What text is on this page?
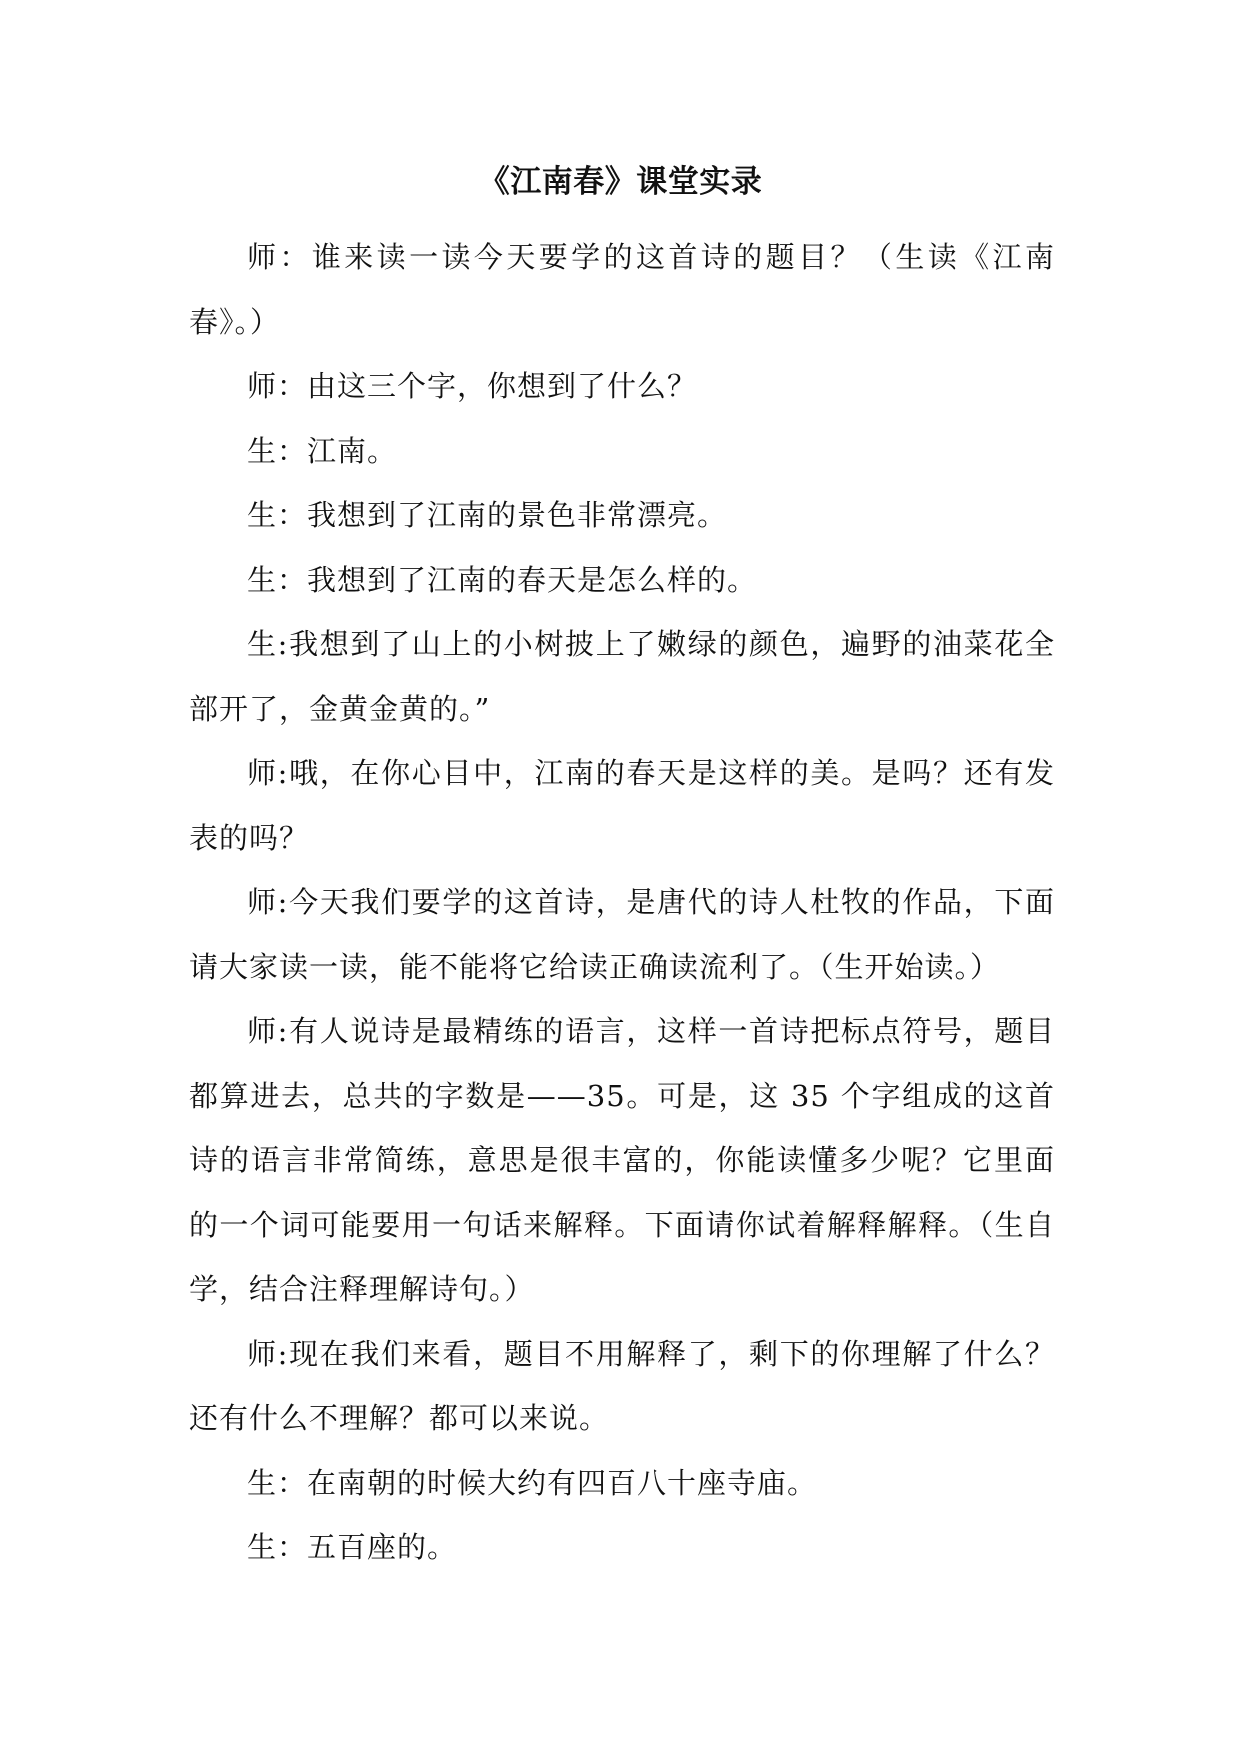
《江南春》课堂实录

师：谁来读一读今天要学的这首诗的题目？（生读《江南春》。）

师：由这三个字，你想到了什么？

生：江南。

生：我想到了江南的景色非常漂亮。

生：我想到了江南的春天是怎么样的。

生:我想到了山上的小树披上了嫩绿的颜色，遍野的油菜花全部开了，金黄金黄的。”

师:哦，在你心目中，江南的春天是这样的美。是吗？还有发表的吗？

师:今天我们要学的这首诗，是唐代的诗人杜牧的作品，下面请大家读一读，能不能将它给读正确读流利了。（生开始读。）

师:有人说诗是最精练的语言，这样一首诗把标点符号，题目都算进去，总共的字数是——35。可是，这 35 个字组成的这首诗的语言非常简练，意思是很丰富的，你能读懂多少呢？它里面的一个词可能要用一句话来解释。下面请你试着解释解释。（生自学，结合注释理解诗句。）

师:现在我们来看，题目不用解释了，剩下的你理解了什么？还有什么不理解？都可以来说。

生：在南朝的时候大约有四百八十座寺庙。

生：五百座的。
